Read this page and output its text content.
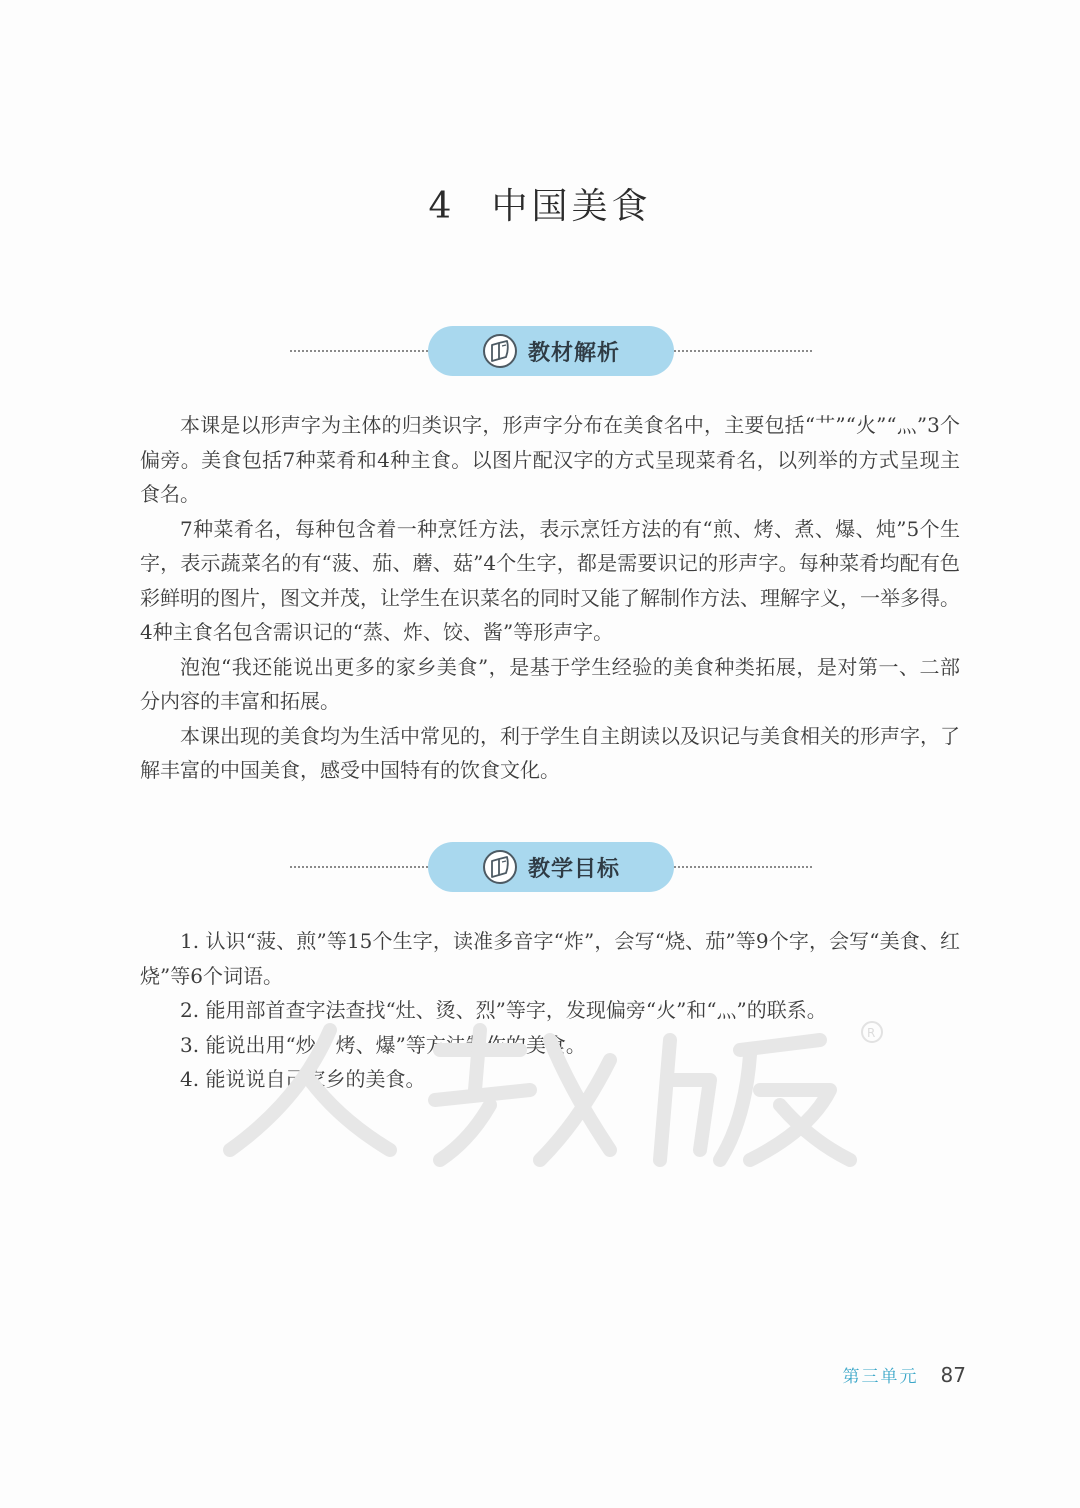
4 中国美食
教材解析

本课是以形声字为主体的归类识字，形声字分布在美食名中，主要包括“艹”“火”“灬”3个偏旁。美食包括7种菜肴和4种主食。以图片配汉字的方式呈现菜肴名，以列举的方式呈现主食名。

7种菜肴名，每种包含着一种烹饪方法，表示烹饪方法的有“煎、烤、煮、爆、炖”5个生字，表示蔬菜名的有“菠、茄、蘑、菇”4个生字，都是需要识记的形声字。每种菜肴均配有色彩鲜明的图片，图文并茂，让学生在识菜名的同时又能了解制作方法、理解字义，一举多得。4种主食名包含需识记的“蒸、炸、饺、酱”等形声字。

泡泡“我还能说出更多的家乡美食”，是基于学生经验的美食种类拓展，是对第一、二部分内容的丰富和拓展。

本课出现的美食均为生活中常见的，利于学生自主朗读以及识记与美食相关的形声字，了解丰富的中国美食，感受中国特有的饮食文化。

教学目标

1. 认识“菠、煎”等15个生字，读准多音字“炸”，会写“烧、茄”等9个字，会写“美食、红烧”等6个词语。

2. 能用部首查字法查找“灶、烫、烈”等字，发现偏旁“火”和“灬”的联系。

3. 能说出用“炒、烤、爆”等方法制作的美食。

4. 能说说自己家乡的美食。

R
第三单元 87
